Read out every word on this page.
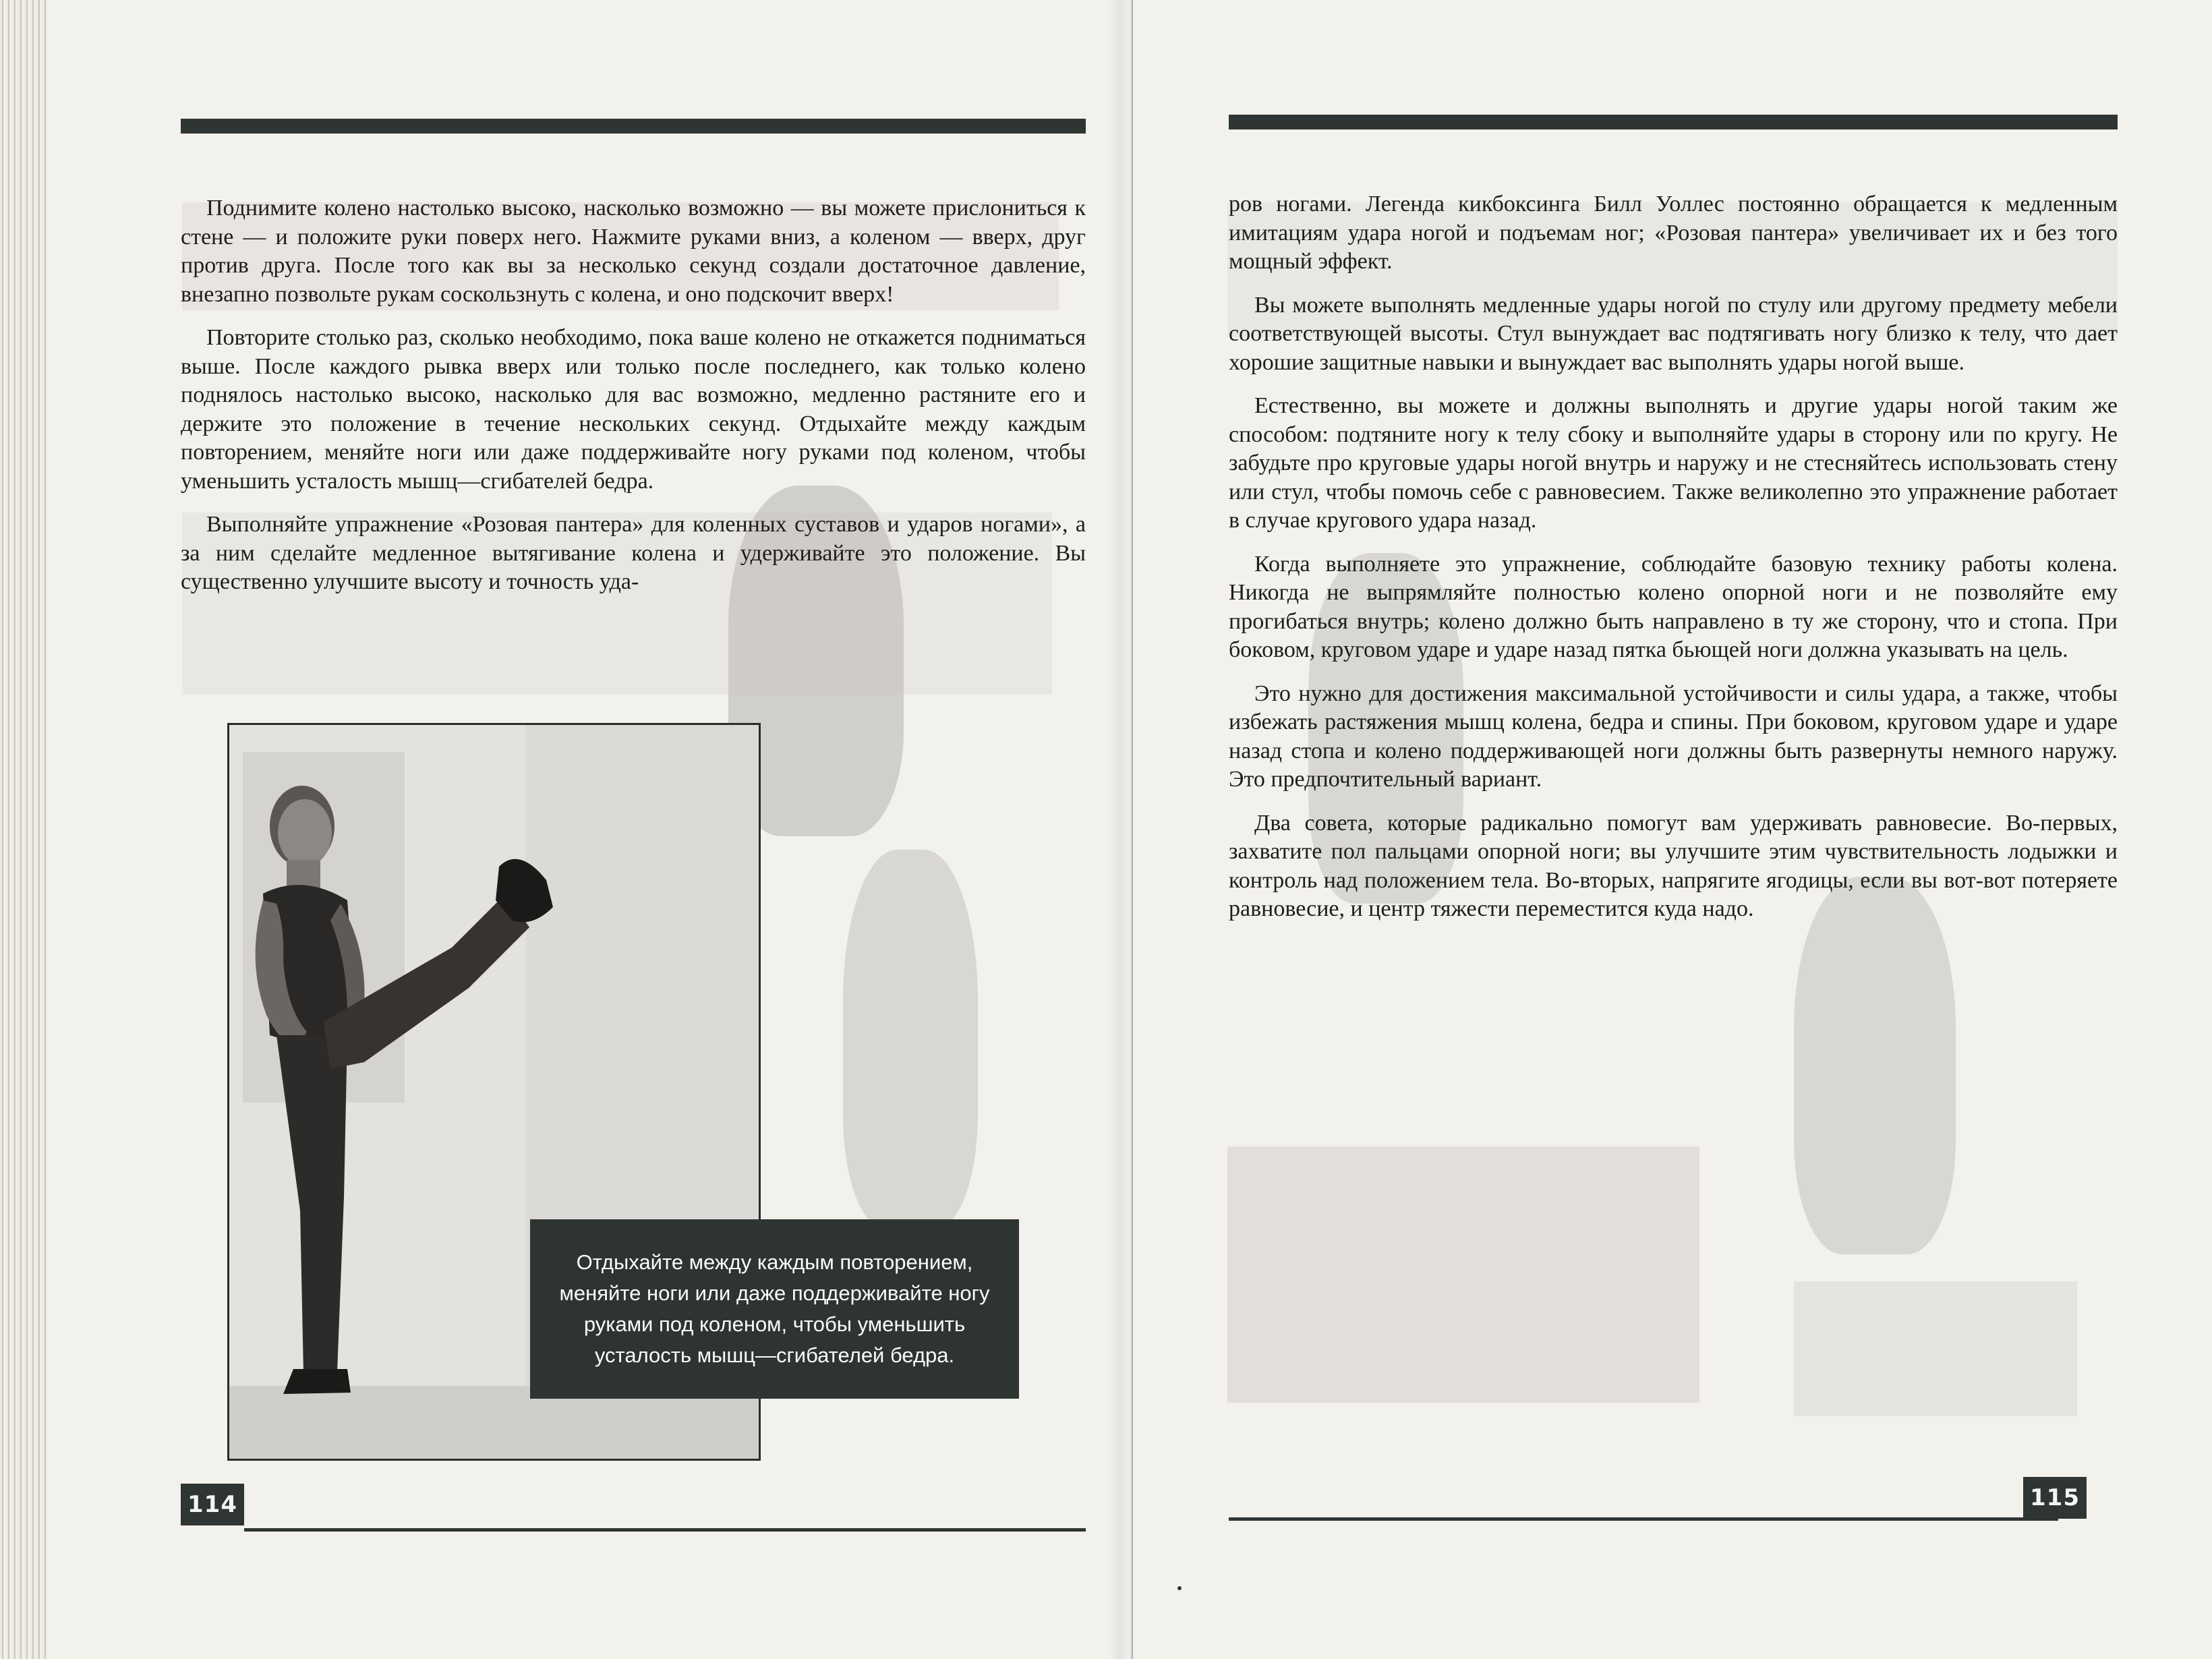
Поднимите колено настолько высоко, насколько возможно — вы можете прислониться к стене — и положите руки поверх него. Нажмите руками вниз, а коленом — вверх, друг против друга. После того как вы за несколько секунд создали достаточное давление, внезапно позвольте рукам соскользнуть с колена, и оно подскочит вверх!

Повторите столько раз, сколько необходимо, пока ваше колено не откажется подниматься выше. После каждого рывка вверх или только после последнего, как только колено поднялось настолько высоко, насколько для вас возможно, медленно растяните его и держите это положение в течение нескольких секунд. Отдыхайте между каждым повторением, меняйте ноги или даже поддерживайте ногу руками под коленом, чтобы уменьшить усталость мышц—сгибателей бедра.

Выполняйте упражнение «Розовая пантера» для коленных суставов и ударов ногами», а за ним сделайте медленное вытягивание колена и удерживайте это положение. Вы существенно улучшите высоту и точность уда-

Отдыхайте между каждым повторением, меняйте ноги или даже поддерживайте ногу руками под коленом, чтобы уменьшить усталость мышц—сгибателей бедра.
114

ров ногами. Легенда кикбоксинга Билл Уоллес постоянно обращается к медленным имитациям удара ногой и подъемам ног; «Розовая пантера» увеличивает их и без того мощный эффект.

Вы можете выполнять медленные удары ногой по стулу или другому предмету мебели соответствующей высоты. Стул вынуждает вас подтягивать ногу близко к телу, что дает хорошие защитные навыки и вынуждает вас выполнять удары ногой выше.

Естественно, вы можете и должны выполнять и другие удары ногой таким же способом: подтяните ногу к телу сбоку и выполняйте удары в сторону или по кругу. Не забудьте про круговые удары ногой внутрь и наружу и не стесняйтесь использовать стену или стул, чтобы помочь себе с равновесием. Также великолепно это упражнение работает в случае кругового удара назад.

Когда выполняете это упражнение, соблюдайте базовую технику работы колена. Никогда не выпрямляйте полностью колено опорной ноги и не позволяйте ему прогибаться внутрь; колено должно быть направлено в ту же сторону, что и стопа. При боковом, круговом ударе и ударе назад пятка бьющей ноги должна указывать на цель.

Это нужно для достижения максимальной устойчивости и силы удара, а также, чтобы избежать растяжения мышц колена, бедра и спины. При боковом, круговом ударе и ударе назад стопа и колено поддерживающей ноги должны быть развернуты немного наружу. Это предпочтительный вариант.

Два совета, которые радикально помогут вам удерживать равновесие. Во-первых, захватите пол пальцами опорной ноги; вы улучшите этим чувствительность лодыжки и контроль над положением тела. Во-вторых, напрягите ягодицы, если вы вот-вот потеряете равновесие, и центр тяжести переместится куда надо.

115
